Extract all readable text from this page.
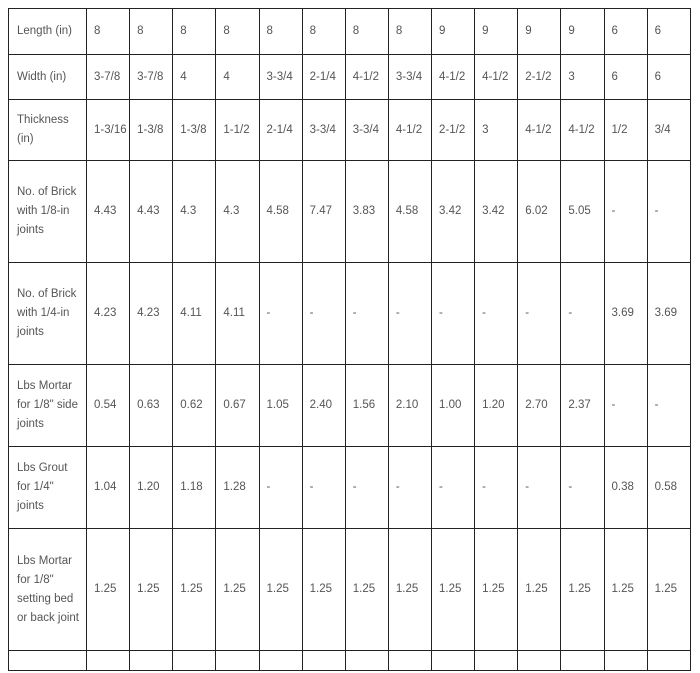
Length (in)	8	8	8	8	8	8	8	8	9	9	9	9	6	6
Width (in)	3-7/8	3-7/8	4	4	3-3/4	2-1/4	4-1/2	3-3/4	4-1/2	4-1/2	2-1/2	3	6	6
Thickness (in)	1-3/16	1-3/8	1-3/8	1-1/2	2-1/4	3-3/4	3-3/4	4-1/2	2-1/2	3	4-1/2	4-1/2	1/2	3/4
No. of Brick with 1/8-in joints	4.43	4.43	4.3	4.3	4.58	7.47	3.83	4.58	3.42	3.42	6.02	5.05	-	-
No. of Brick with 1/4-in joints	4.23	4.23	4.11	4.11	-	-	-	-	-	-	-	-	3.69	3.69
Lbs Mortar for 1/8" side joints	0.54	0.63	0.62	0.67	1.05	2.40	1.56	2.10	1.00	1.20	2.70	2.37	-	-
Lbs Grout for 1/4" joints	1.04	1.20	1.18	1.28	-	-	-	-	-	-	-	-	0.38	0.58
Lbs Mortar for 1/8" setting bed or back joint	1.25	1.25	1.25	1.25	1.25	1.25	1.25	1.25	1.25	1.25	1.25	1.25	1.25	1.25
